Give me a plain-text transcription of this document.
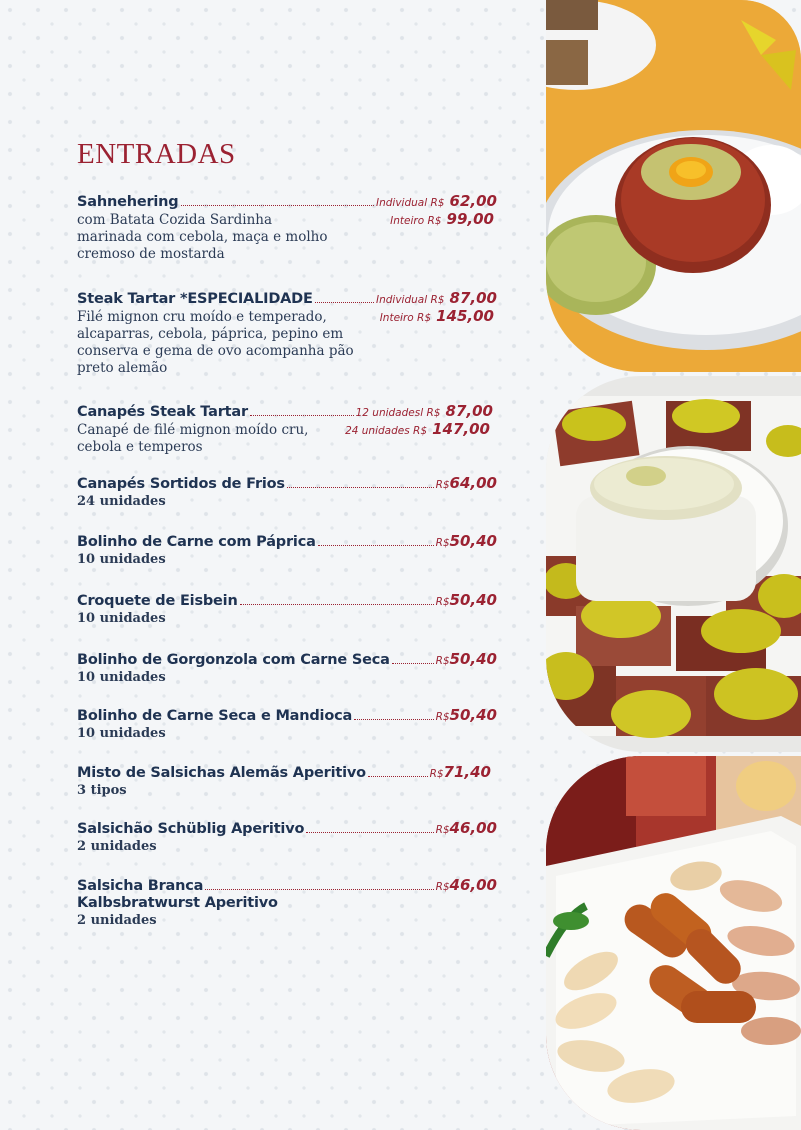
ENTRADAS
Sahnehering	Individual R$ 62,00
Inteiro R$ 99,00
com Batata Cozida Sardinha marinada com cebola, maça e molho cremoso de mostarda
Steak Tartar *ESPECIALIDADE	Individual R$ 87,00
Inteiro R$ 145,00
Filé mignon cru moído e temperado, alcaparras, cebola, páprica, pepino em conserva e gema de ovo acompanha pão preto alemão
Canapés Steak Tartar	12 unidadesl R$ 87,00
24 unidades R$ 147,00
Canapé de filé mignon moído cru, cebola e temperos
Canapés Sortidos de Frios	R$64,00
24 unidades
Bolinho de Carne com Páprica	R$50,40
10 unidades
Croquete de Eisbein	R$50,40
10 unidades
Bolinho de Gorgonzola com Carne Seca	R$50,40
10 unidades
Bolinho de Carne Seca e Mandioca	R$50,40
10 unidades
Misto de Salsichas Alemãs Aperitivo	R$71,40
3 tipos
Salsichão Schüblig Aperitivo	R$46,00
2 unidades
Salsicha Branca	R$46,00
Kalbsbratwurst Aperitivo
2 unidades
